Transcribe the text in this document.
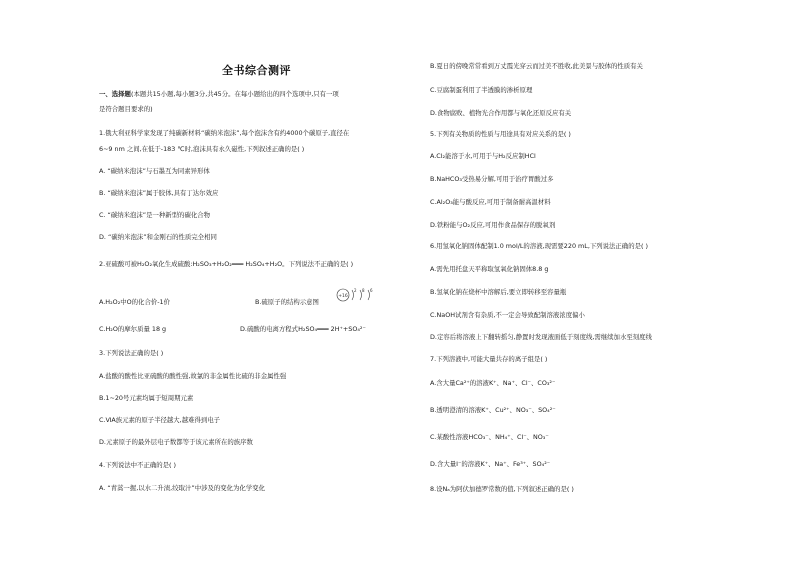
全书综合测评
一、选择题(本题共15小题,每小题3分,共45分。在每小题给出的四个选项中,只有一项
是符合题目要求的)
1.俄大利亚科学家发现了纯碳新材料“碳纳米泡沫”,每个泡沫含有约4000个碳原子,直径在
6~9 nm 之间,在低于-183 ℃时,泡沫具有永久磁性,下列叙述正确的是( )
A. “碳纳米泡沫”与石墨互为同素异形体
B. “碳纳米泡沫”属于胶体,具有丁达尔效应
C. “碳纳米泡沫”是一种新型的碳化合物
D. “碳纳米泡沫”和金刚石的性质完全相同
2.亚硫酸可被H₂O₂氧化生成硫酸:H₂SO₃+H₂O₂═══ H₂SO₄+H₂O。下列说法不正确的是( )
A.H₂O₂中O的化合价-1价	B.硫原子的结构示意图
+16
2 8 6
C.H₂O的摩尔质量 18 g	D.硫酸的电离方程式H₂SO₄═══ 2H⁺+SO₄²⁻
3.下列说法正确的是( )
A.盐酸的酸性比亚硫酸的酸性强,故氯的非金属性比硫的非金属性强
B.1~20号元素均属于短周期元素
C.ⅥA族元素的原子半径越大,越难得到电子
D.元素原子的最外层电子数都等于该元素所在的族序数
4.下列说法中不正确的是( )
A. “青蒿一握,以水二升渍,绞取汁”中涉及的变化为化学变化
B.夏日的傍晚常常看到万丈霞光穿云而过美不胜收,此美景与胶体的性质有关
C.豆腐制蛋利用了半透膜的渗析原理
D.食物腐败、植物光合作用都与氧化还原反应有关
5.下列有关物质的性质与用途具有对应关系的是( )
A.Cl₂能溶于水,可用于与H₂反应制HCl
B.NaHCO₃受热易分解,可用于治疗胃酸过多
C.Al₂O₃能与酸反应,可用于制备耐高温材料
D.铁粉能与O₂反应,可用作食品保存的脱氧剂
6.用氢氧化钠固体配制1.0 mol/L的溶液,现需要220 mL,下列说法正确的是( )
A.需先用托盘天平称取氢氧化钠固体8.8 g
B.氢氧化钠在烧杯中溶解后,要立即转移至容量瓶
C.NaOH试剂含有杂质,不一定会导致配制溶液浓度偏小
D.定容后将溶液上下翻转摇匀,静置时发现液面低于刻度线,需继续加水至刻度线
7.下列溶液中,可能大量共存的离子组是( )
A.含大量Ca²⁺的溶液K⁺、Na⁺、Cl⁻、CO₃²⁻
B.透明澄清的溶液K⁺、Cu²⁺、NO₃⁻、SO₄²⁻
C.某酸性溶液HCO₃⁻、NH₄⁺、Cl⁻、NO₃⁻
D.含大量I⁻的溶液K⁺、Na⁺、Fe³⁺、SO₄²⁻
8.设Nₐ为阿伏加德罗常数的值,下列叙述正确的是( )
